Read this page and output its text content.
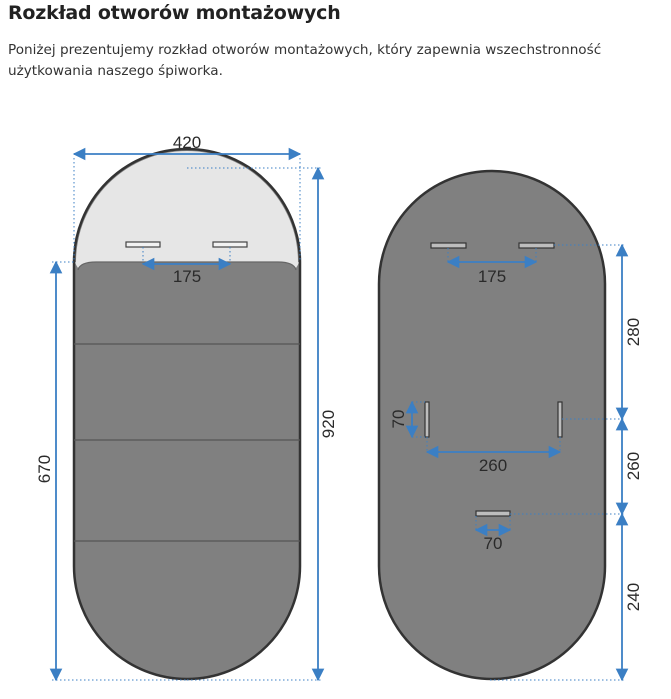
Rozkład otworów montażowych
Poniżej prezentujemy rozkład otworów montażowych, który zapewnia wszechstronność użytkowania naszego śpiworka.
420
175
920
670
175
70
260
70
280
260
240
